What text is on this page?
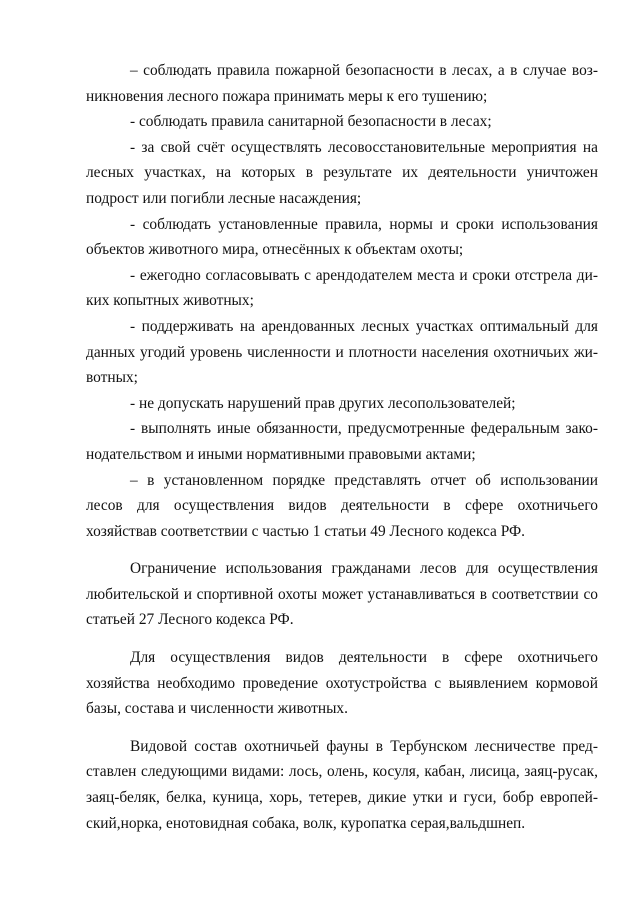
– соблюдать правила пожарной безопасности в лесах, а в случае возникновения лесного пожара принимать меры к его тушению;

- соблюдать правила санитарной безопасности в лесах;

- за свой счёт осуществлять лесовосстановительные мероприятия на лесных участках, на которых в результате их деятельности уничтожен подрост или погибли лесные насаждения;

- соблюдать установленные правила, нормы и сроки использования объектов животного мира, отнесённых к объектам охоты;

- ежегодно согласовывать с арендодателем места и сроки отстрела диких копытных животных;

- поддерживать на арендованных лесных участках оптимальный для данных угодий уровень численности и плотности населения охотничьих животных;

- не допускать нарушений прав других лесопользователей;

- выполнять иные обязанности, предусмотренные федеральным законодательством и иными нормативными правовыми актами;

– в установленном порядке представлять отчет об использовании лесов для осуществления видов деятельности в сфере охотничьего хозяйствав соответствии с частью 1 статьи 49 Лесного кодекса РФ.

Ограничение использования гражданами лесов для осуществления любительской и спортивной охоты может устанавливаться в соответствии со статьей 27 Лесного кодекса РФ.

Для осуществления видов деятельности в сфере охотничьего хозяйства необходимо проведение охотустройства с выявлением кормовой базы, состава и численности животных.

Видовой состав охотничьей фауны в Тербунском лесничестве представлен следующими видами: лось, олень, косуля, кабан, лисица, заяц-русак, заяц-беляк, белка, куница, хорь, тетерев, дикие утки и гуси, бобр европейский,норка, енотовидная собака, волк, куропатка серая,вальдшнеп.
